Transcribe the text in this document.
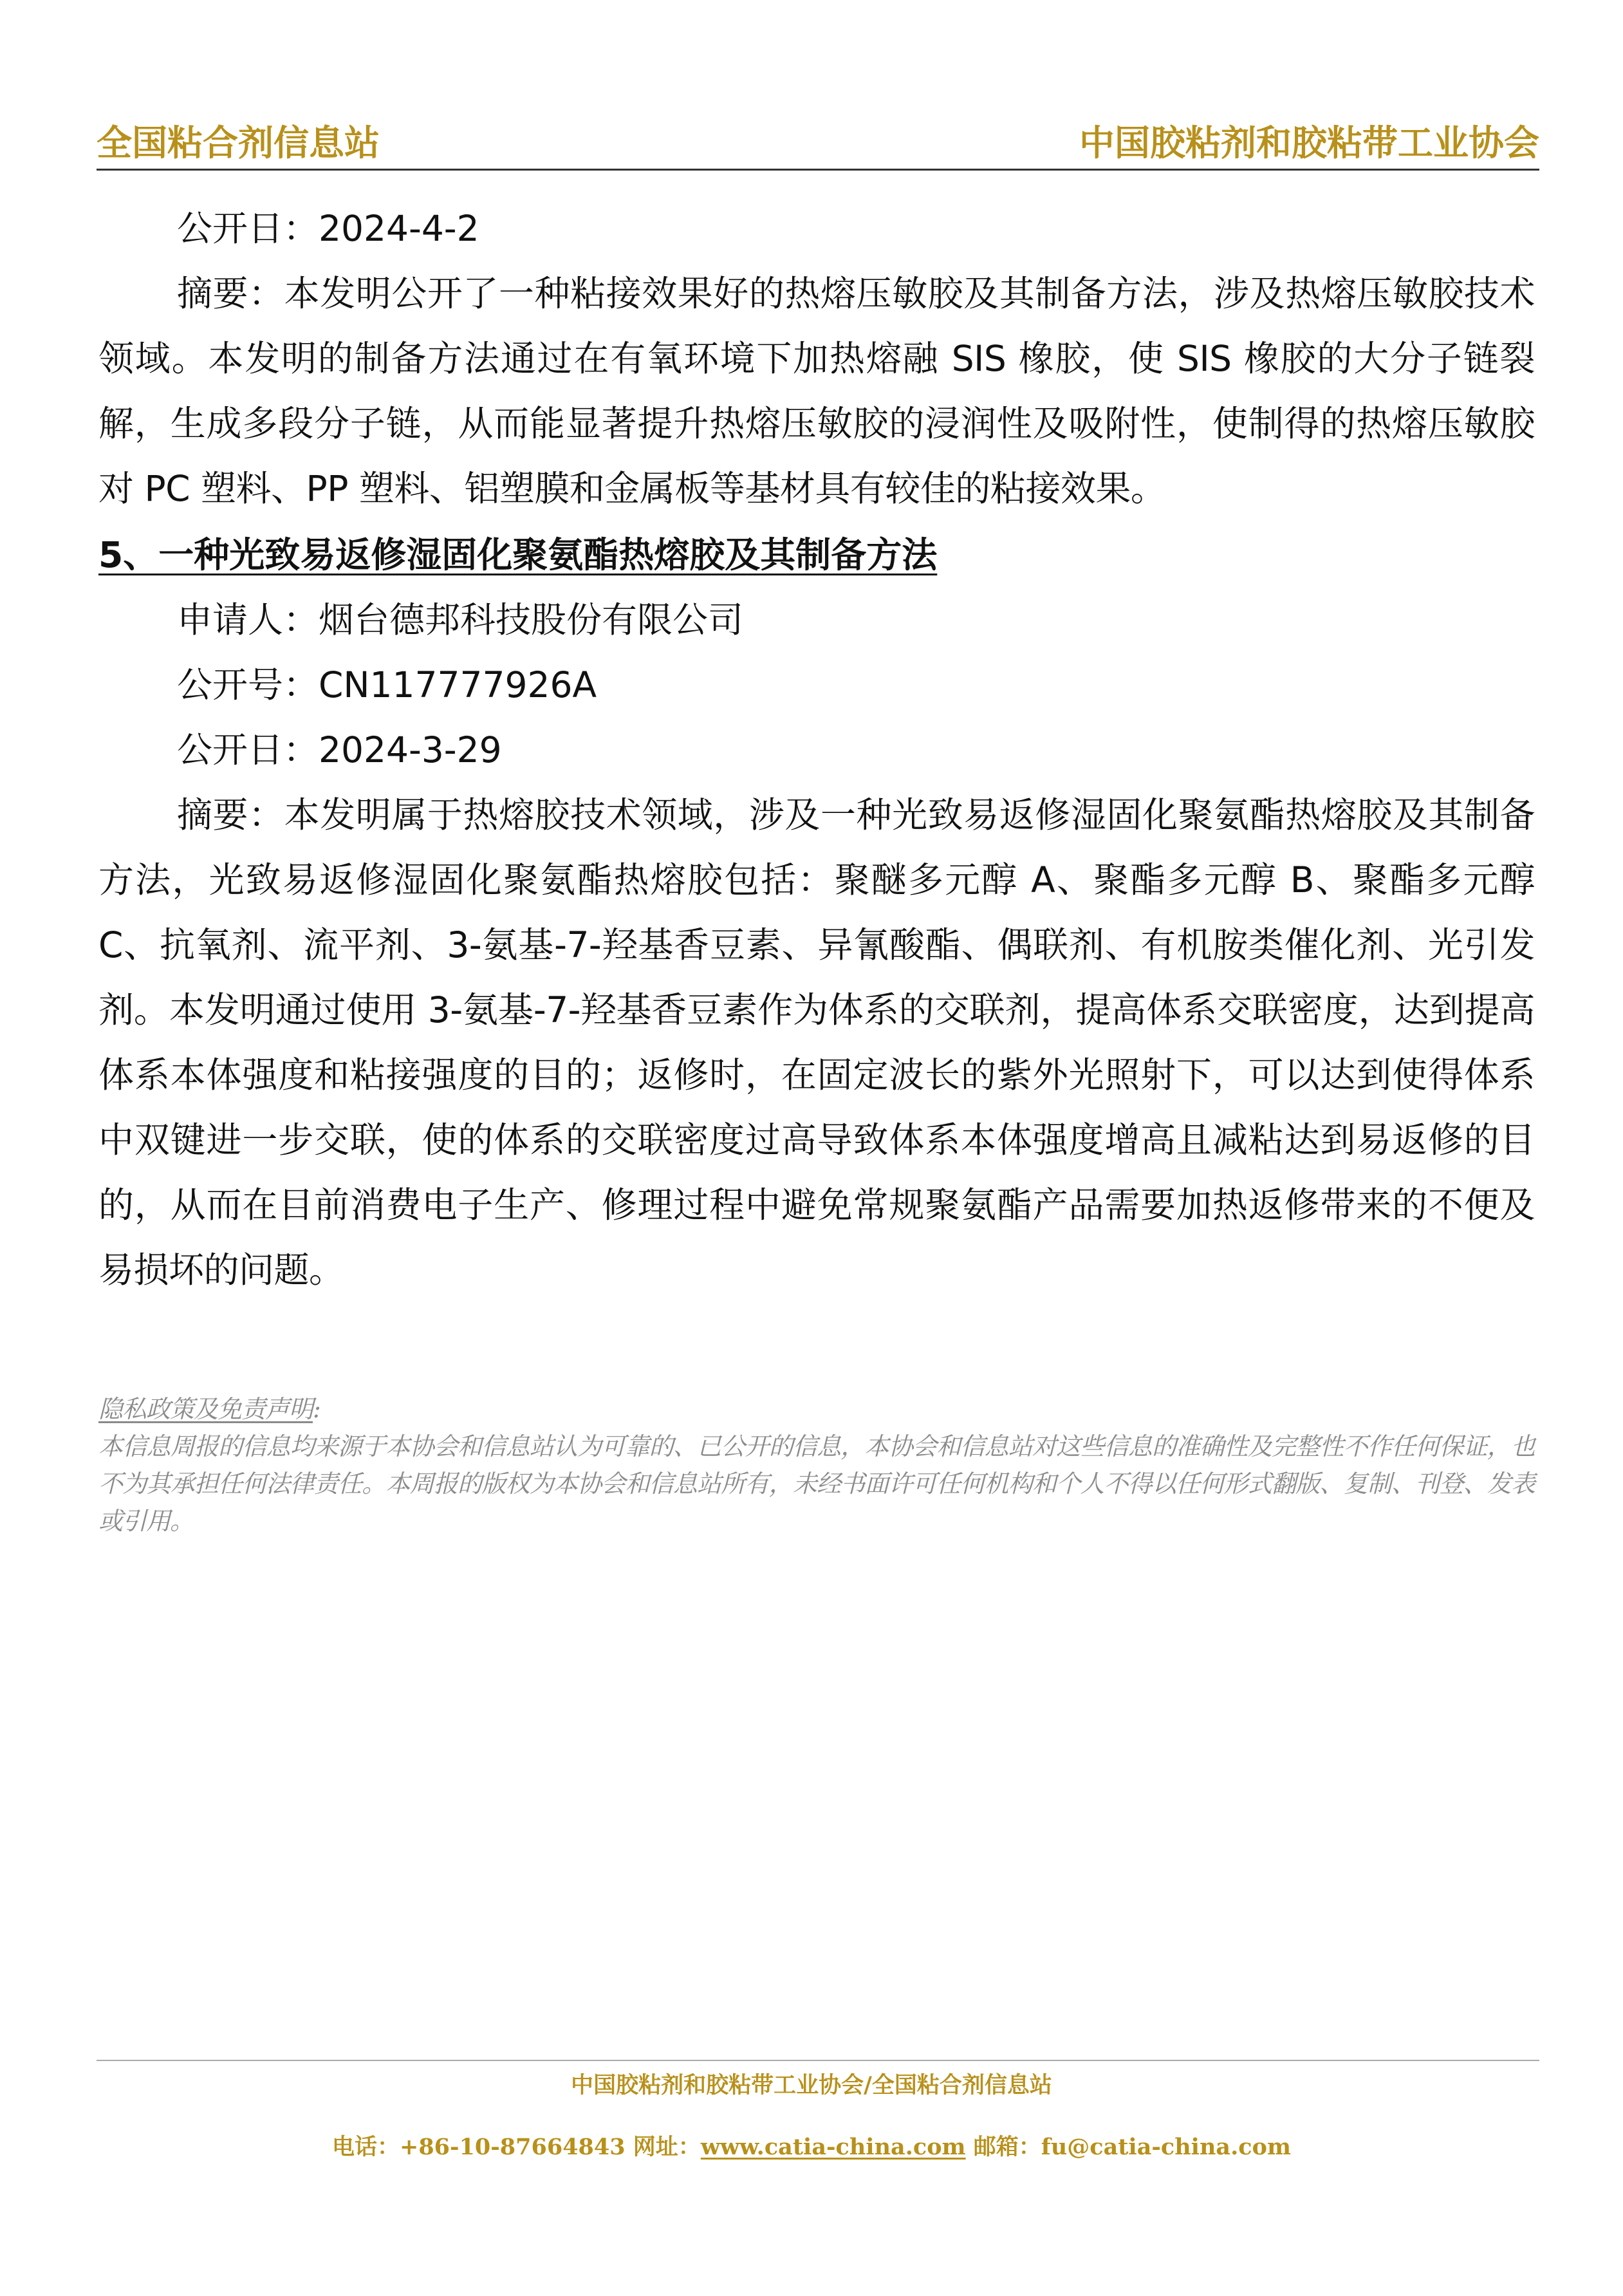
全国粘合剂信息站	中国胶粘剂和胶粘带工业协会
公开日：2024-4-2
摘要：本发明公开了一种粘接效果好的热熔压敏胶及其制备方法，涉及热熔压敏胶技术领域。本发明的制备方法通过在有氧环境下加热熔融 SIS 橡胶，使 SIS 橡胶的大分子链裂解，生成多段分子链，从而能显著提升热熔压敏胶的浸润性及吸附性，使制得的热熔压敏胶对 PC 塑料、PP 塑料、铝塑膜和金属板等基材具有较佳的粘接效果。
5、一种光致易返修湿固化聚氨酯热熔胶及其制备方法
申请人：烟台德邦科技股份有限公司
公开号：CN117777926A
公开日：2024-3-29
摘要：本发明属于热熔胶技术领域，涉及一种光致易返修湿固化聚氨酯热熔胶及其制备方法，光致易返修湿固化聚氨酯热熔胶包括：聚醚多元醇 A、聚酯多元醇 B、聚酯多元醇 C、抗氧剂、流平剂、3-氨基-7-羟基香豆素、异氰酸酯、偶联剂、有机胺类催化剂、光引发剂。本发明通过使用 3-氨基-7-羟基香豆素作为体系的交联剂，提高体系交联密度，达到提高体系本体强度和粘接强度的目的；返修时，在固定波长的紫外光照射下，可以达到使得体系中双键进一步交联，使的体系的交联密度过高导致体系本体强度增高且减粘达到易返修的目的，从而在目前消费电子生产、修理过程中避免常规聚氨酯产品需要加热返修带来的不便及易损坏的问题。
隐私政策及免责声明:
本信息周报的信息均来源于本协会和信息站认为可靠的、已公开的信息，本协会和信息站对这些信息的准确性及完整性不作任何保证，也不为其承担任何法律责任。本周报的版权为本协会和信息站所有，未经书面许可任何机构和个人不得以任何形式翻版、复制、刊登、发表或引用。
中国胶粘剂和胶粘带工业协会/全国粘合剂信息站
电话：+86-10-87664843 网址：www.catia-china.com 邮箱：fu@catia-china.com
